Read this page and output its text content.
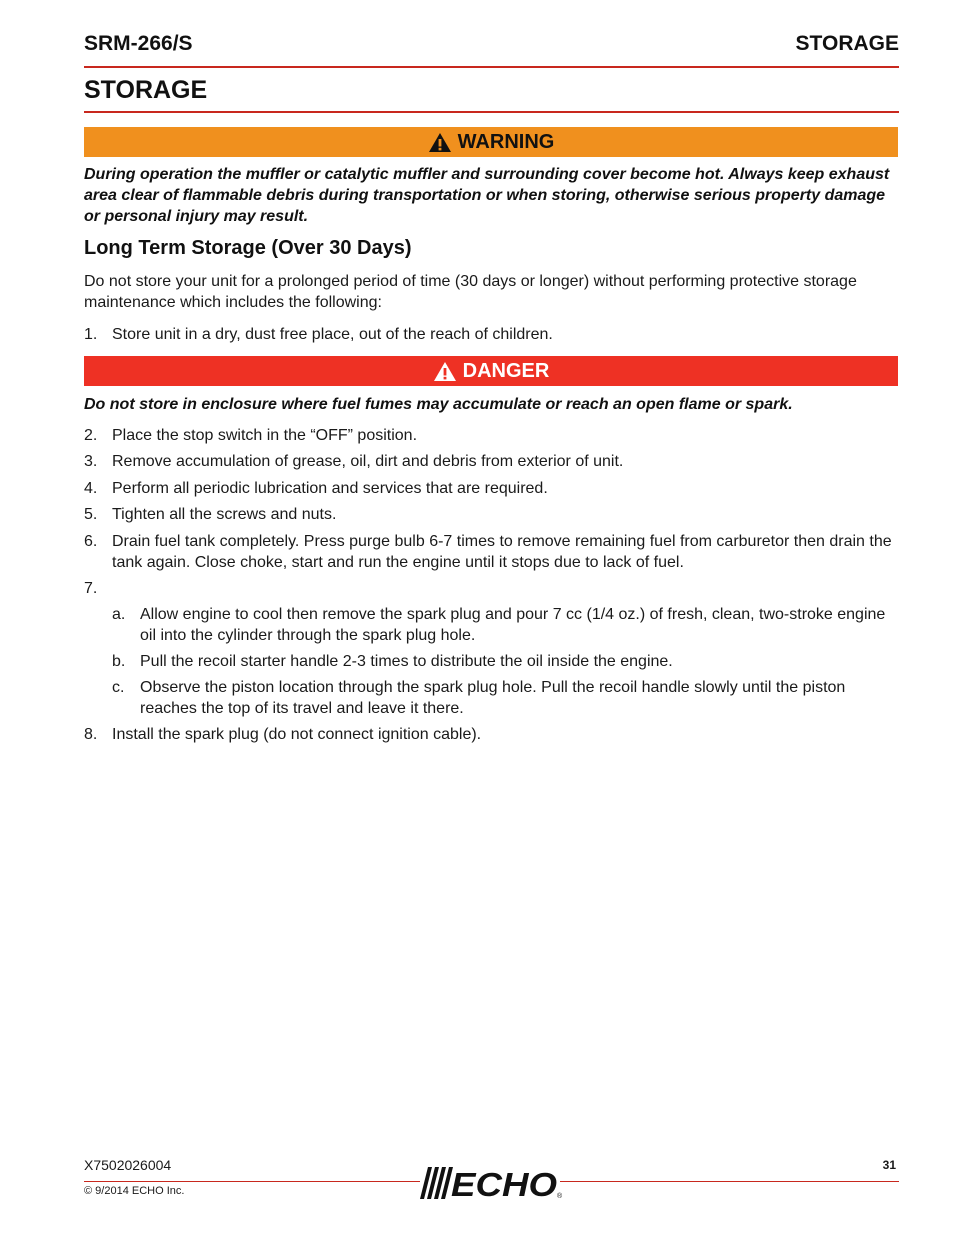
SRM-266/S	STORAGE
STORAGE
WARNING
During operation the muffler or catalytic muffler and surrounding cover become hot. Always keep exhaust area clear of flammable debris during transportation or when storing, otherwise serious property damage or personal injury may result.
Long Term Storage (Over 30 Days)
Do not store your unit for a prolonged period of time (30 days or longer) without performing protective storage maintenance which includes the following:
1. Store unit in a dry, dust free place, out of the reach of children.
DANGER
Do not store in enclosure where fuel fumes may accumulate or reach an open flame or spark.
2. Place the stop switch in the “OFF” position.
3. Remove accumulation of grease, oil, dirt and debris from exterior of unit.
4. Perform all periodic lubrication and services that are required.
5. Tighten all the screws and nuts.
6. Drain fuel tank completely. Press purge bulb 6-7 times to remove remaining fuel from carburetor then drain the tank again. Close choke, start and run the engine until it stops due to lack of fuel.
7.
a. Allow engine to cool then remove the spark plug and pour 7 cc (1/4 oz.) of fresh, clean, two-stroke engine oil into the cylinder through the spark plug hole.
b. Pull the recoil starter handle 2-3 times to distribute the oil inside the engine.
c. Observe the piston location through the spark plug hole. Pull the recoil handle slowly until the piston reaches the top of its travel and leave it there.
8. Install the spark plug (do not connect ignition cable).
X7502026004
© 9/2014 ECHO Inc.
31
ECHO ®
